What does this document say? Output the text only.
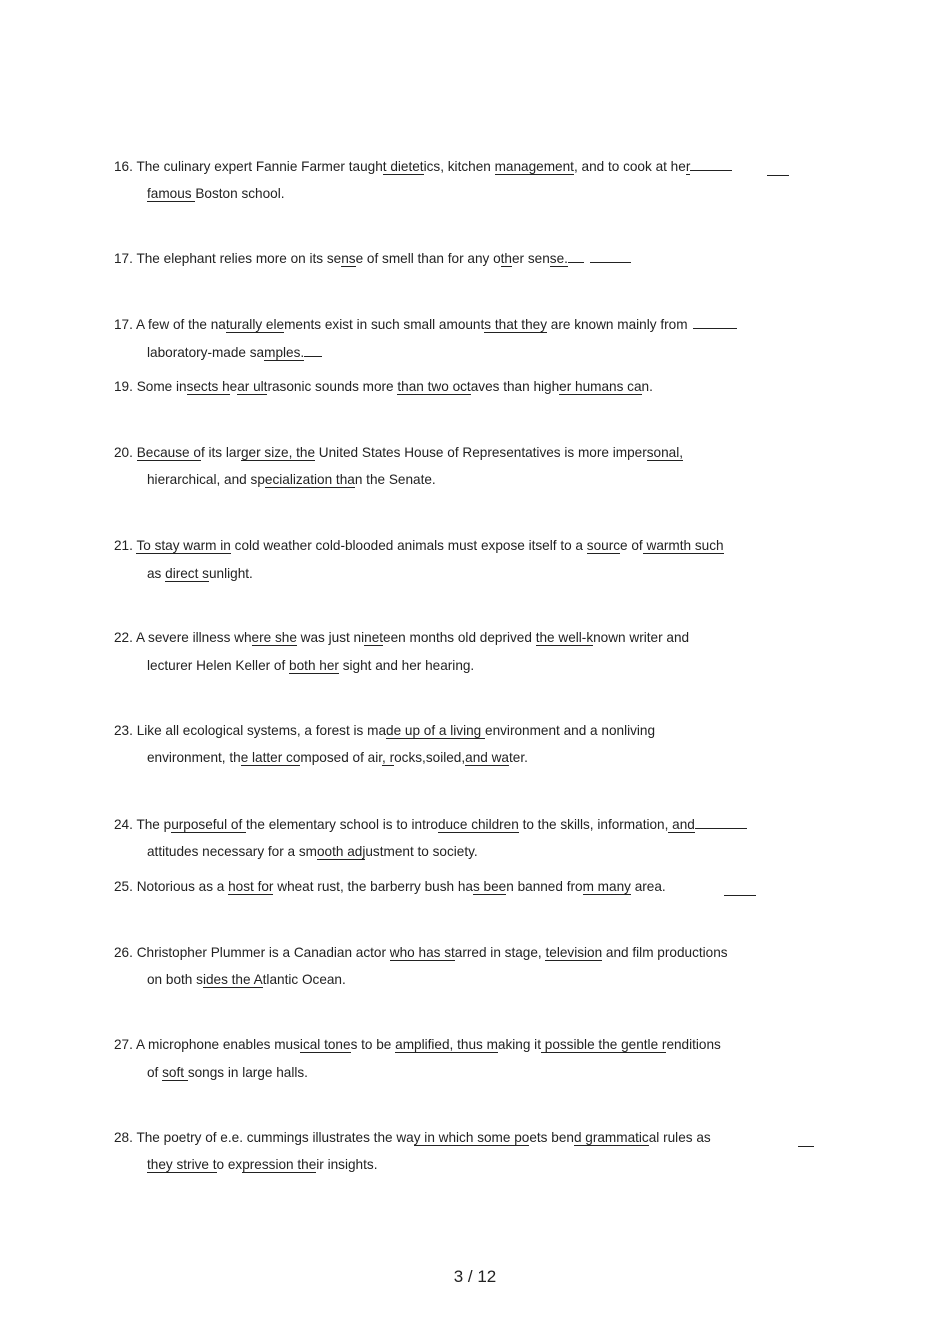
16. The culinary expert Fannie Farmer taught dietetics, kitchen management, and to cook at her
famous Boston school.
17. The elephant relies more on its sense of smell than for any other sense.
17. A few of the naturally elements exist in such small amounts that they are known mainly from
laboratory-made samples.
19. Some insects hear ultrasonic sounds more than two octaves than higher humans can.
20. Because of its larger size, the United States House of Representatives is more impersonal,
hierarchical, and specialization than the Senate.
21. To stay warm in cold weather cold-blooded animals must expose itself to a source of warmth such
as direct sunlight.
22. A severe illness where she was just nineteen months old deprived the well-known writer and
lecturer Helen Keller of both her sight and her hearing.
23. Like all ecological systems, a forest is made up of a living environment and a nonliving
environment, the latter composed of air, rocks,soiled,and water.
24. The purposeful of the elementary school is to introduce children to the skills, information, and
attitudes necessary for a smooth adjustment to society.
25. Notorious as a host for wheat rust, the barberry bush has been banned from many area.
26. Christopher Plummer is a Canadian actor who has starred in stage, television and film productions
on both sides the Atlantic Ocean.
27. A microphone enables musical tones to be amplified, thus making it possible the gentle renditions
of soft songs in large halls.
28. The poetry of e.e. cummings illustrates the way in which some poets bend grammatical rules as
they strive to expression their insights.
3 / 12
